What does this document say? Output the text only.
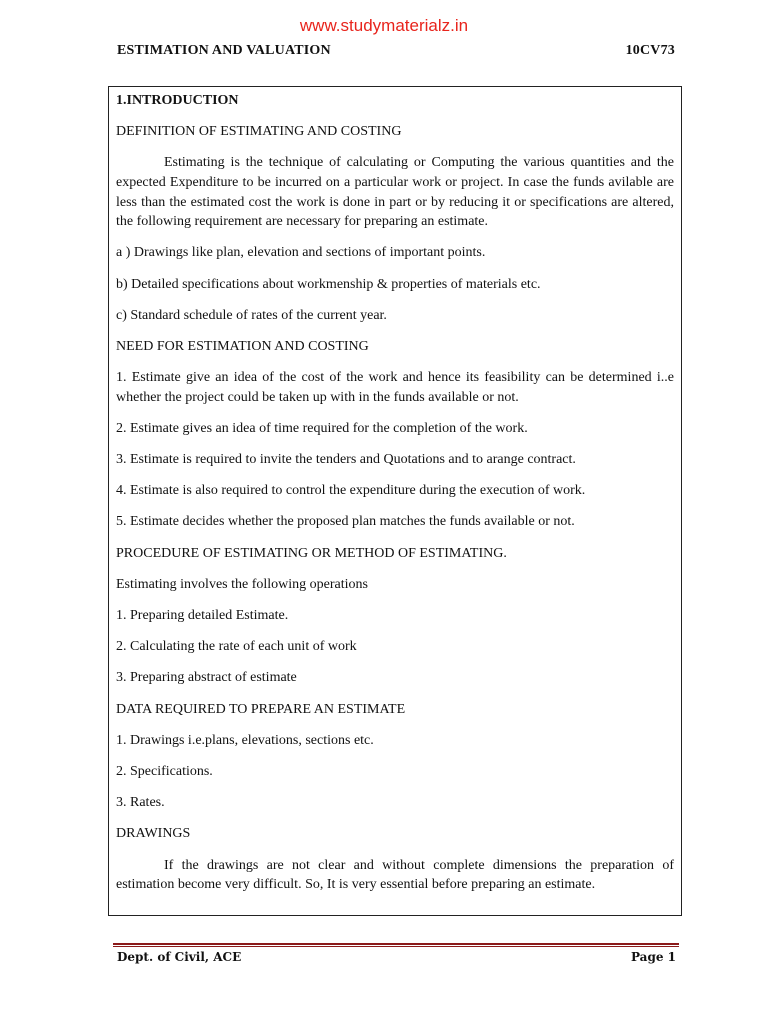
www.studymaterialz.in
ESTIMATION AND VALUATION	10CV73

1.INTRODUCTION

DEFINITION OF ESTIMATING AND COSTING

Estimating is the technique of calculating or Computing the various quantities and the expected Expenditure to be incurred on a particular work or project. In case the funds avilable are less than the estimated cost the work is done in part or by reducing it or specifications are altered, the following requirement are necessary for preparing an estimate.

a ) Drawings like plan, elevation and sections of important points.

b) Detailed specifications about workmenship & properties of materials etc.

c) Standard schedule of rates of the current year.

NEED FOR ESTIMATION AND COSTING

1. Estimate give an idea of the cost of the work and hence its feasibility can be determined i..e whether the project could be taken up with in the funds available or not.

2. Estimate gives an idea of time required for the completion of the work.

3. Estimate is required to invite the tenders and Quotations and to arange contract.

4. Estimate is also required to control the expenditure during the execution of work.

5. Estimate decides whether the proposed plan matches the funds available or not.

PROCEDURE OF ESTIMATING OR METHOD OF ESTIMATING.

Estimating involves the following operations

1. Preparing detailed Estimate.

2. Calculating the rate of each unit of work

3. Preparing abstract of estimate

DATA REQUIRED TO PREPARE AN ESTIMATE

1. Drawings i.e.plans, elevations, sections etc.

2. Specifications.

3. Rates.

DRAWINGS

If the drawings are not clear and without complete dimensions the preparation of estimation become very difficult. So, It is very essential before preparing an estimate.

Dept. of Civil, ACE	Page 1
